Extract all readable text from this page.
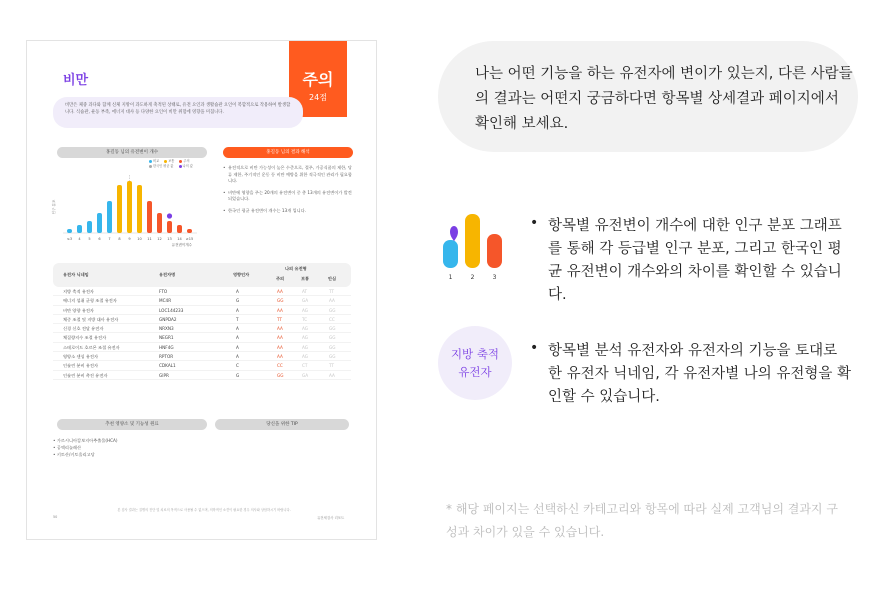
비만	주의
24점
비만은 체중 과다와 함께 신체 지방이 과도하게 축적된 상태로, 유전 요인과 생활습관 요인이 복합적으로 작용하여 발생합니다. 식습관, 운동 부족, 에너지 대사 등 다양한 요인이 비만 위험에 영향을 미칩니다.
홍길동 님의 유전변이 개수	홍길동 님의 결과 해석
비교	보통	주의
한국인 평균 값	나의 값
인구 분포
≤3 4 5 6 7 8 9 10 11 12 13 14 ≥15
유전변이개수
• 유전적으로 비만 가능성이 높은 수준으로, 절주, 가공식품의 제한, 당류 제한, 주기적인 운동 등 비만 예방을 위한 적극적인 관리가 필요합니다.
• 비만에 영향을 주는 20개의 유전변이 중 총 13개의 유전변이가 발견되었습니다.
• 한국인 평균 유전변이 개수는 13개 입니다.
유전자 닉네임	유전자명	영향인자
나의 유전형
주의	보통	안심
지방 축적 유전자	FTO	A	AA	AT	TT
에너지 섭취 균형 조절 유전자	MC4R	G	GG	GA	AA
비만 양향 유전자	LOC144233	A	AA	AG	GG
체중 조절 및 지방 대사 유전자	GNPDA2	T	TT	TC	CC
신경 신호 전달 유전자	NRXN3	A	AA	AG	GG
체질량지수 조절 유전자	NEGR1	A	AA	AG	GG
스테로이드 호르몬 조절 유전자	HNF4G	A	AA	AG	GG
영양소 센싱 유전자	RPTOR	A	AA	AG	GG
인슐린 분비 유전자	CDKAL1	C	CC	CT	TT
인슐린 분비 촉진 유전자	GIPR	G	GG	GA	AA
추천 영양소 및 기능성 원료	당신을 위한 TIP
• 가르시니아캄보지아추출물(HCA)
• 공액리놀레산
• 키토산/키토올리고당
본 검사 결과는 질병의 진단 및 치료의 목적으로 사용될 수 없으며, 의학적인 소견이 필요한 경우 의사와 상담하시기 바랍니다.
50	유전체검사 리포트

나는 어떤 기능을 하는 유전자에 변이가 있는지, 다른 사람들의 결과는 어떤지 궁금하다면 항목별 상세결과 페이지에서 확인해 보세요.

1	2	3
• 항목별 유전변이 개수에 대한 인구 분포 그래프를 통해 각 등급별 인구 분포, 그리고 한국인 평균 유전변이 개수와의 차이를 확인할 수 있습니다.
지방 축적
유전자
• 항목별 분석 유전자와 유전자의 기능을 토대로 한 유전자 닉네임, 각 유전자별 나의 유전형을 확인할 수 있습니다.
* 해당 페이지는 선택하신 카테고리와 항목에 따라 실제 고객님의 결과지 구성과 차이가 있을 수 있습니다.
